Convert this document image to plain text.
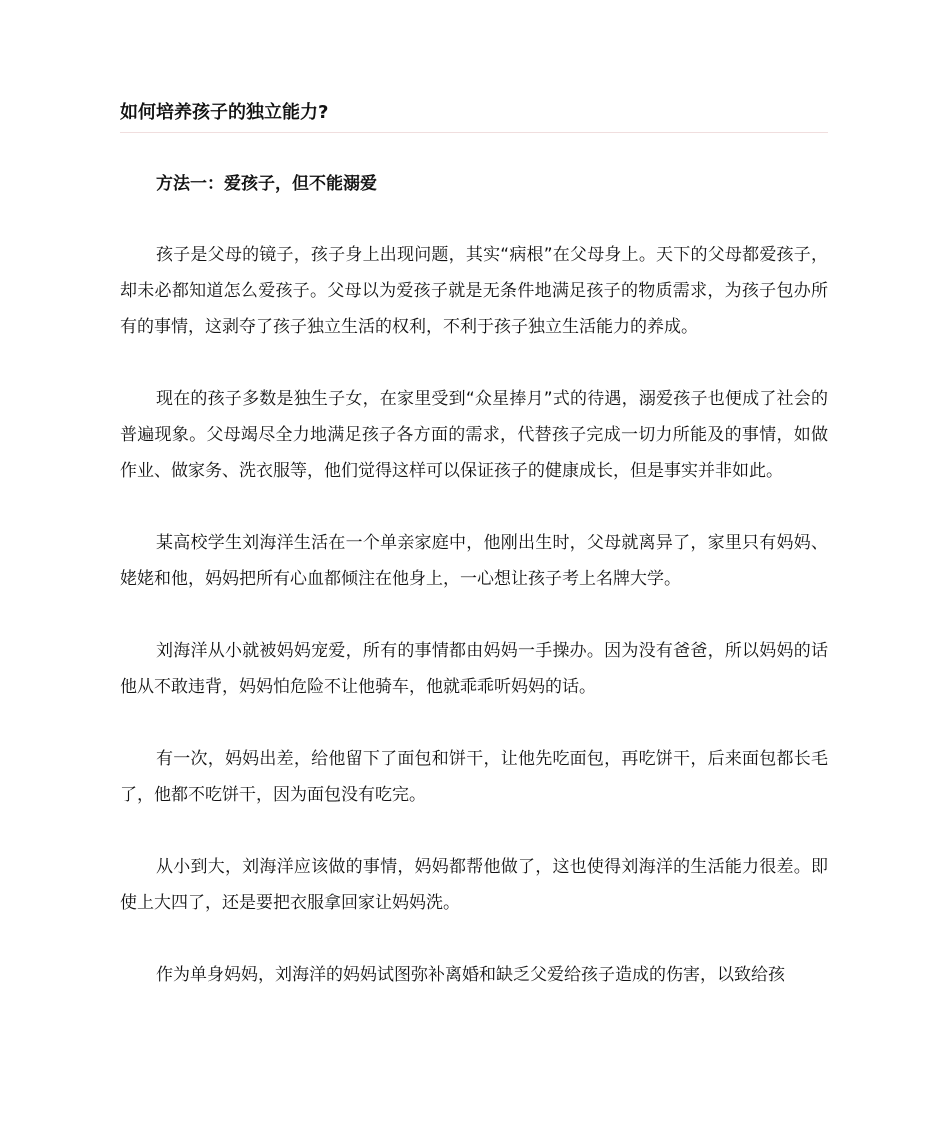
如何培养孩子的独立能力?
方法一：爱孩子，但不能溺爱

孩子是父母的镜子，孩子身上出现问题，其实“病根”在父母身上。天下的父母都爱孩子，却未必都知道怎么爱孩子。父母以为爱孩子就是无条件地满足孩子的物质需求，为孩子包办所有的事情，这剥夺了孩子独立生活的权利，不利于孩子独立生活能力的养成。

现在的孩子多数是独生子女，在家里受到“众星捧月”式的待遇，溺爱孩子也便成了社会的普遍现象。父母竭尽全力地满足孩子各方面的需求，代替孩子完成一切力所能及的事情，如做作业、做家务、洗衣服等，他们觉得这样可以保证孩子的健康成长，但是事实并非如此。

某高校学生刘海洋生活在一个单亲家庭中，他刚出生时，父母就离异了，家里只有妈妈、姥姥和他，妈妈把所有心血都倾注在他身上，一心想让孩子考上名牌大学。

刘海洋从小就被妈妈宠爱，所有的事情都由妈妈一手操办。因为没有爸爸，所以妈妈的话他从不敢违背，妈妈怕危险不让他骑车，他就乖乖听妈妈的话。

有一次，妈妈出差，给他留下了面包和饼干，让他先吃面包，再吃饼干，后来面包都长毛了，他都不吃饼干，因为面包没有吃完。

从小到大，刘海洋应该做的事情，妈妈都帮他做了，这也使得刘海洋的生活能力很差。即使上大四了，还是要把衣服拿回家让妈妈洗。

作为单身妈妈，刘海洋的妈妈试图弥补离婚和缺乏父爱给孩子造成的伤害，以致给孩
